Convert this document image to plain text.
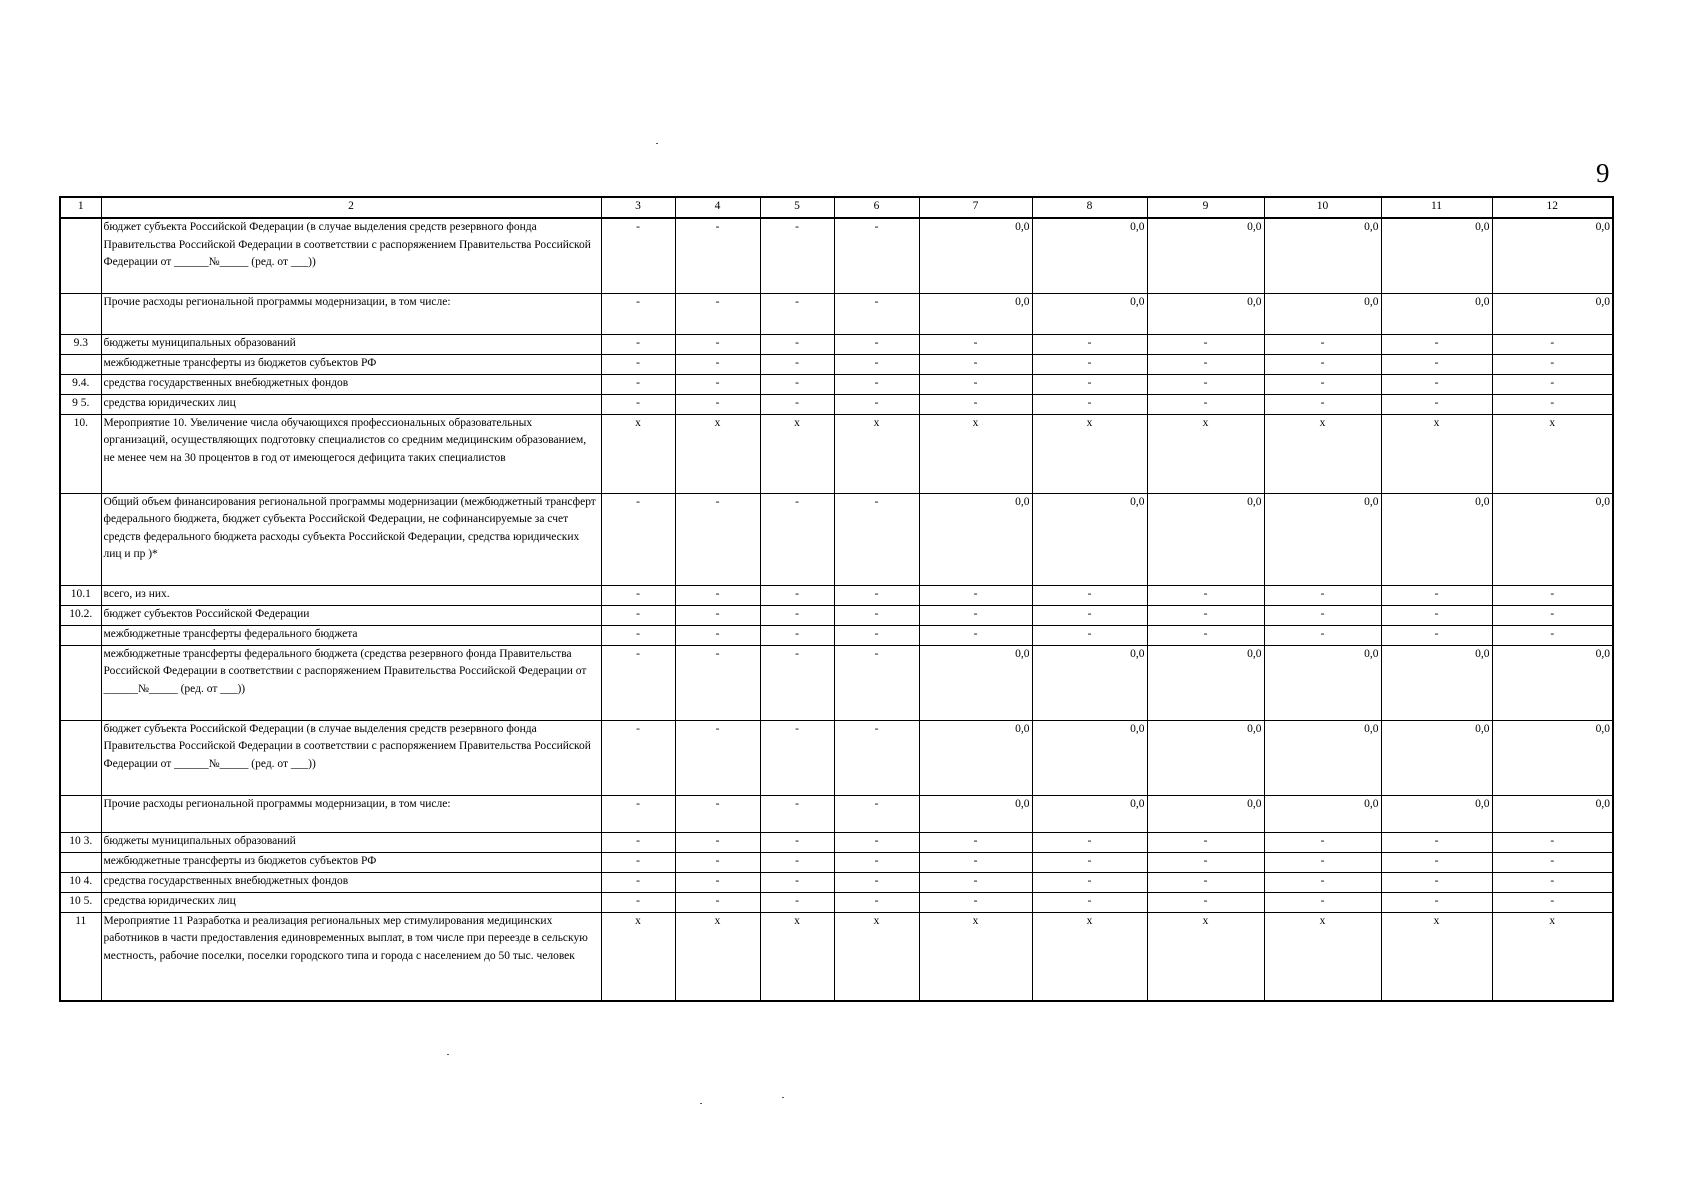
9
1	2	3	4	5	6	7	8	9	10	11	12
	бюджет субъекта Российской Федерации (в случае выделения средств резервного фонда Правительства Российской Федерации в соответствии с распоряжением Правительства Российской Федерации от ______№_____ (ред. от ___))	-	-	-	-	0,0	0,0	0,0	0,0	0,0	0,0
	Прочие расходы региональной программы модернизации, в том числе:	-	-	-	-	0,0	0,0	0,0	0,0	0,0	0,0
9.3	бюджеты муниципальных образований	-	-	-	-	-	-	-	-	-	-
	межбюджетные трансферты из бюджетов субъектов РФ	-	-	-	-	-	-	-	-	-	-
9.4.	средства государственных внебюджетных фондов	-	-	-	-	-	-	-	-	-	-
9 5.	средства юридических лиц	-	-	-	-	-	-	-	-	-	-
10.	Мероприятие 10. Увеличение числа обучающихся профессиональных образовательных организаций, осуществляющих подготовку специалистов со средним медицинским образованием, не менее чем на 30 процентов в год от имеющегося дефицита таких специалистов	x	x	x	x	x	x	x	x	x	x
	Общий объем финансирования региональной программы модернизации (межбюджетный трансферт федерального бюджета, бюджет субъекта Российской Федерации, не софинансируемые за счет средств федерального бюджета расходы субъекта Российской Федерации, средства юридических лиц и пр )*	-	-	-	-	0,0	0,0	0,0	0,0	0,0	0,0
10.1	всего, из них.	-	-	-	-	-	-	-	-	-	-
10.2.	бюджет субъектов Российской Федерации	-	-	-	-	-	-	-	-	-	-
	межбюджетные трансферты федерального бюджета	-	-	-	-	-	-	-	-	-	-
	межбюджетные трансферты федерального бюджета (средства резервного фонда Правительства Российской Федерации в соответствии с распоряжением Правительства Российской Федерации от ______№_____ (ред. от ___))	-	-	-	-	0,0	0,0	0,0	0,0	0,0	0,0
	бюджет субъекта Российской Федерации (в случае выделения средств резервного фонда Правительства Российской Федерации в соответствии с распоряжением Правительства Российской Федерации от ______№_____ (ред. от ___))	-	-	-	-	0,0	0,0	0,0	0,0	0,0	0,0
	Прочие расходы региональной программы модернизации, в том числе:	-	-	-	-	0,0	0,0	0,0	0,0	0,0	0,0
10 3.	бюджеты муниципальных образований	-	-	-	-	-	-	-	-	-	-
	межбюджетные трансферты из бюджетов субъектов РФ	-	-	-	-	-	-	-	-	-	-
10 4.	средства государственных внебюджетных фондов	-	-	-	-	-	-	-	-	-	-
10 5.	средства юридических лиц	-	-	-	-	-	-	-	-	-	-
11	Мероприятие 11 Разработка и реализация региональных мер стимулирования медицинских работников в части предоставления единовременных выплат, в том числе при переезде в сельскую местность, рабочие поселки, поселки городского типа и города с населением до 50 тыс. человек	x	x	x	x	x	x	x	x	x	x
